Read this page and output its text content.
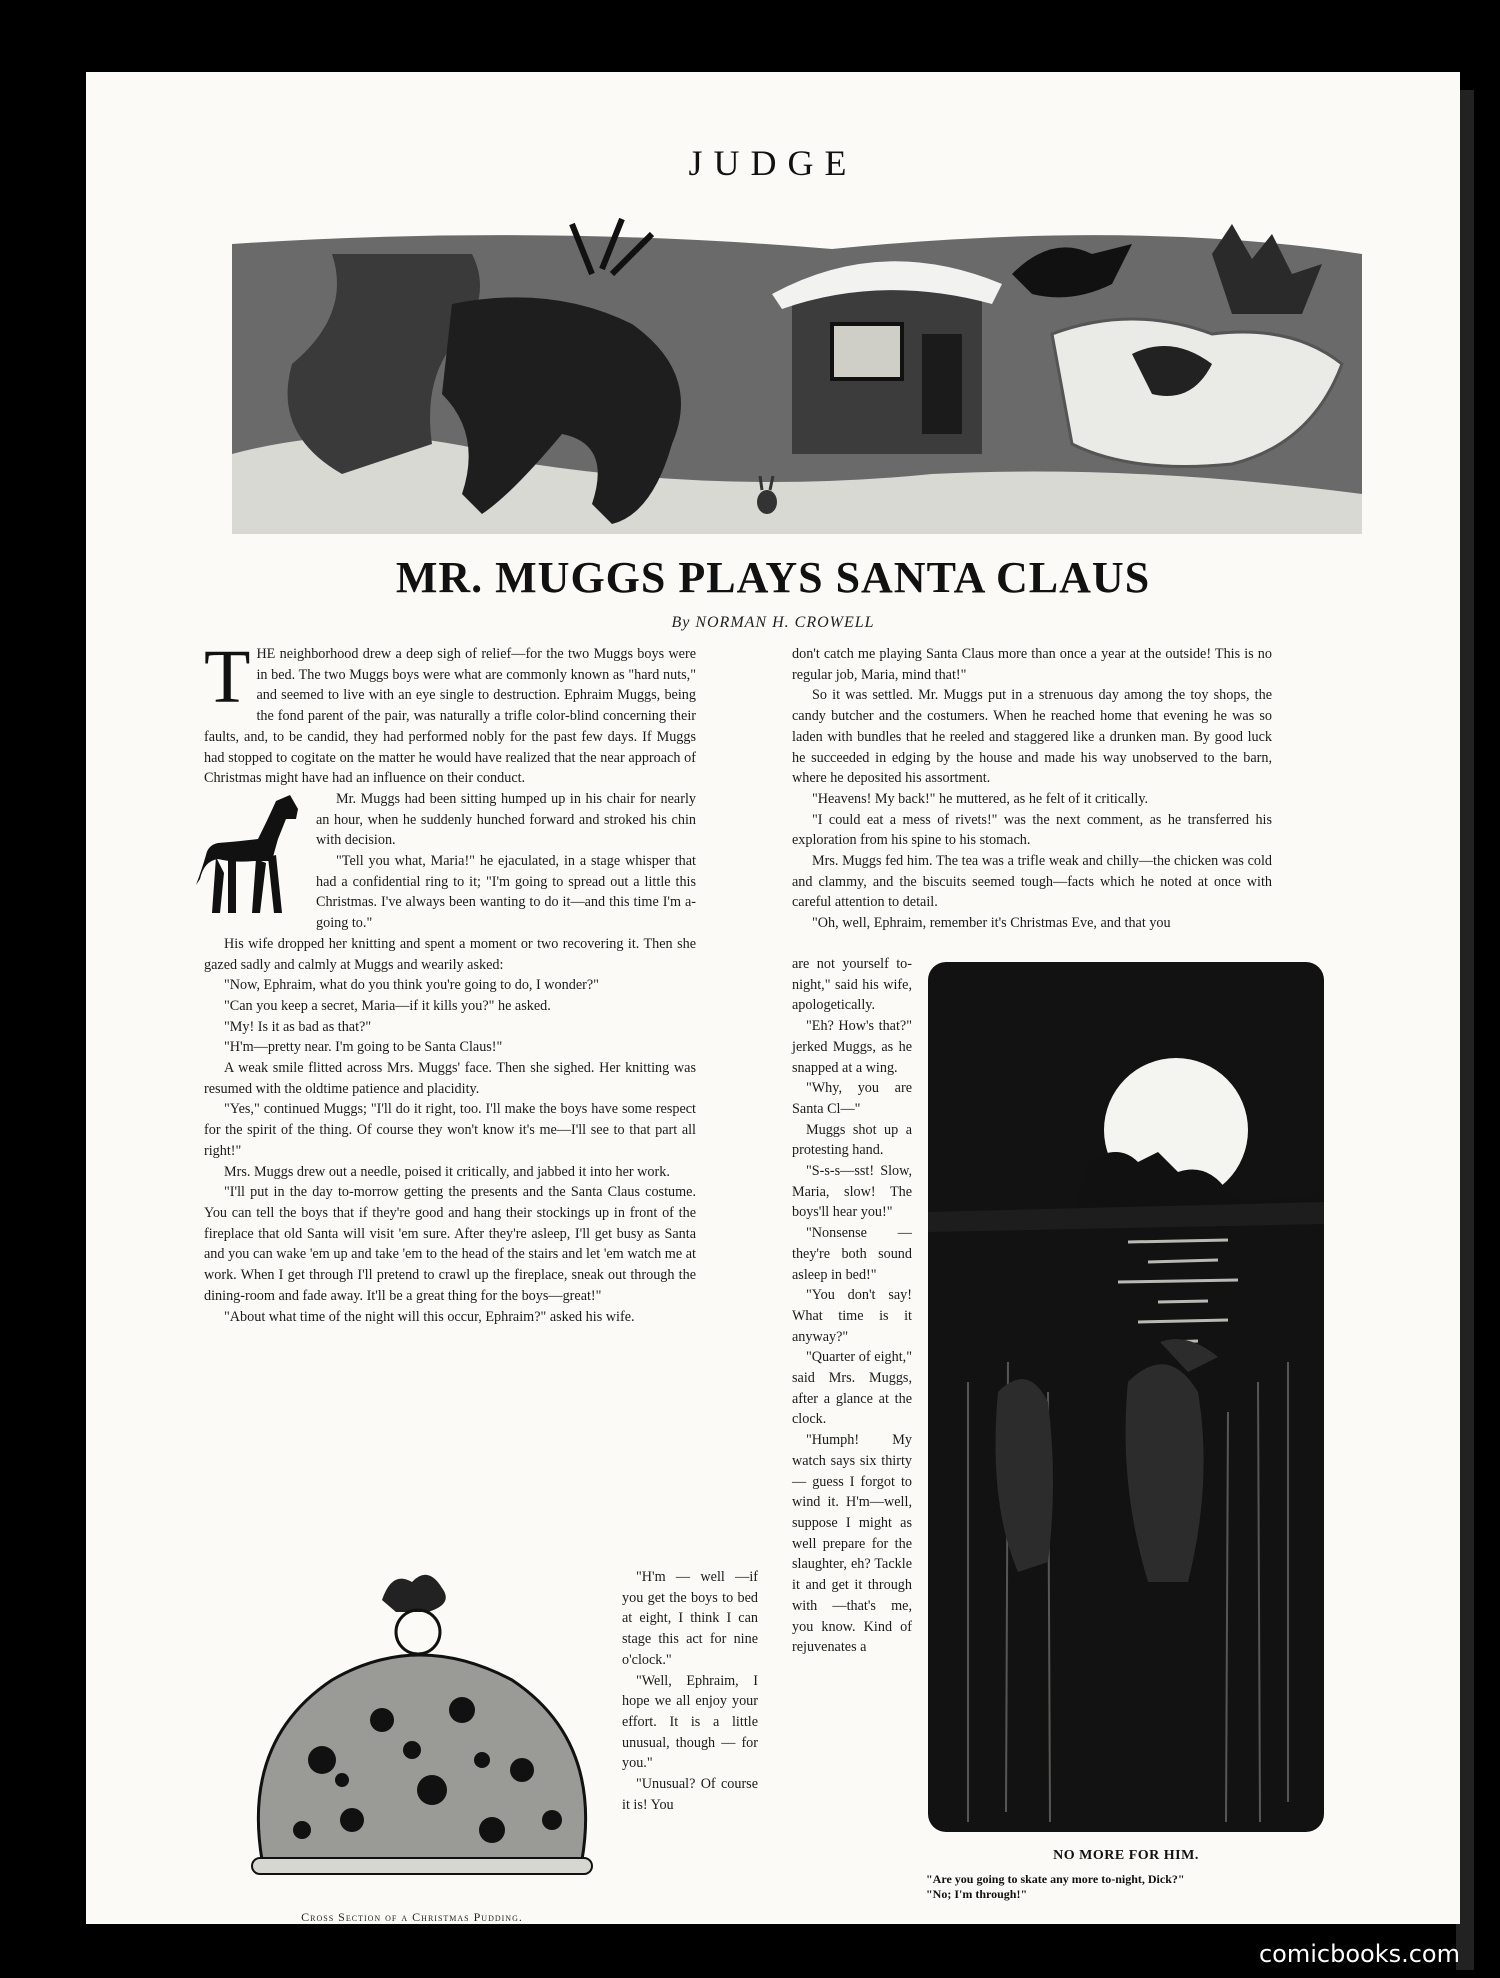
JUDGE
MR. MUGGS PLAYS SANTA CLAUS
By NORMAN H. CROWELL
T HE neighborhood drew a deep sigh of relief—for the two Muggs boys were in bed. The two Muggs boys were what are commonly known as "hard nuts," and seemed to live with an eye single to destruction. Ephraim Muggs, being the fond parent of the pair, was naturally a trifle color-blind concerning their faults, and, to be candid, they had performed nobly for the past few days. If Muggs had stopped to cogitate on the matter he would have realized that the near approach of Christmas might have had an influence on their conduct.

Mr. Muggs had been sitting humped up in his chair for nearly an hour, when he suddenly hunched forward and stroked his chin with decision.

"Tell you what, Maria!" he ejaculated, in a stage whisper that had a confidential ring to it; "I'm going to spread out a little this Christmas. I've always been wanting to do it—and this time I'm a-going to."

His wife dropped her knitting and spent a moment or two recovering it. Then she gazed sadly and calmly at Muggs and wearily asked:

"Now, Ephraim, what do you think you're going to do, I wonder?"

"Can you keep a secret, Maria—if it kills you?" he asked.

"My! Is it as bad as that?"

"H'm—pretty near. I'm going to be Santa Claus!"

A weak smile flitted across Mrs. Muggs' face. Then she sighed. Her knitting was resumed with the oldtime patience and placidity.

"Yes," continued Muggs; "I'll do it right, too. I'll make the boys have some respect for the spirit of the thing. Of course they won't know it's me—I'll see to that part all right!"

Mrs. Muggs drew out a needle, poised it critically, and jabbed it into her work.

"I'll put in the day to-morrow getting the presents and the Santa Claus costume. You can tell the boys that if they're good and hang their stockings up in front of the fireplace that old Santa will visit 'em sure. After they're asleep, I'll get busy as Santa and you can wake 'em up and take 'em to the head of the stairs and let 'em watch me at work. When I get through I'll pretend to crawl up the fireplace, sneak out through the dining-room and fade away. It'll be a great thing for the boys—great!"

"About what time of the night will this occur, Ephraim?" asked his wife.

Cross Section of a Christmas Pudding.

"H'm — well —if you get the boys to bed at eight, I think I can stage this act for nine o'clock."

"Well, Ephraim, I hope we all enjoy your effort. It is a little unusual, though — for you."

"Unusual? Of course it is! You

don't catch me playing Santa Claus more than once a year at the outside! This is no regular job, Maria, mind that!"

So it was settled. Mr. Muggs put in a strenuous day among the toy shops, the candy butcher and the costumers. When he reached home that evening he was so laden with bundles that he reeled and staggered like a drunken man. By good luck he succeeded in edging by the house and made his way unobserved to the barn, where he deposited his assortment.

"Heavens! My back!" he muttered, as he felt of it critically.

"I could eat a mess of rivets!" was the next comment, as he transferred his exploration from his spine to his stomach.

Mrs. Muggs fed him. The tea was a trifle weak and chilly—the chicken was cold and clammy, and the biscuits seemed tough—facts which he noted at once with careful attention to detail.

"Oh, well, Ephraim, remember it's Christmas Eve, and that you

are not yourself to-night," said his wife, apologetically.

"Eh? How's that?" jerked Muggs, as he snapped at a wing.

"Why, you are Santa Cl—"

Muggs shot up a protesting hand.

"S-s-s—sst! Slow, Maria, slow! The boys'll hear you!"

"Nonsense — they're both sound asleep in bed!"

"You don't say! What time is it anyway?"

"Quarter of eight," said Mrs. Muggs, after a glance at the clock.

"Humph! My watch says six thirty — guess I forgot to wind it. H'm—well, suppose I might as well prepare for the slaughter, eh? Tackle it and get it through with —that's me, you know. Kind of rejuvenates a

NO MORE FOR HIM.
"Are you going to skate any more to-night, Dick?"
"No; I'm through!"
comicbooks.com
